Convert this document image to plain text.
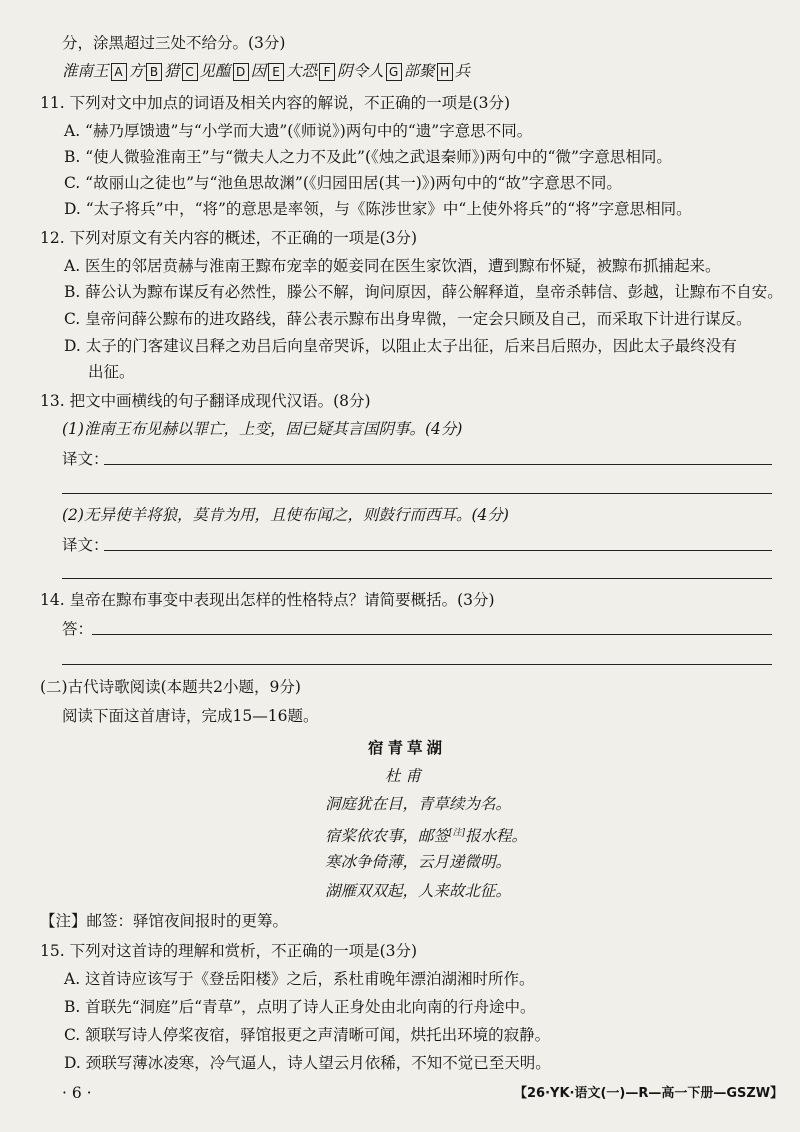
分，涂黑超过三处不给分。(3分)
淮南王 A 方 B 猎 C 见醢 D 因 E 大恐 F 阴令人 G 部聚 H 兵
11. 下列对文中加点的词语及相关内容的解说，不正确的一项是(3分)
A. “赫乃厚馈遗”与“小学而大遗”(《师说》)两句中的“遗”字意思不同。
B. “使人微验淮南王”与“微夫人之力不及此”(《烛之武退秦师》)两句中的“微”字意思相同。
C. “故丽山之徒也”与“池鱼思故渊”(《归园田居(其一)》)两句中的“故”字意思不同。
D. “太子将兵”中，“将”的意思是率领，与《陈涉世家》中“上使外将兵”的“将”字意思相同。
12. 下列对原文有关内容的概述，不正确的一项是(3分)
A. 医生的邻居贲赫与淮南王黥布宠幸的姬妾同在医生家饮酒，遭到黥布怀疑，被黥布抓捕起来。
B. 薛公认为黥布谋反有必然性，滕公不解，询问原因，薛公解释道，皇帝杀韩信、彭越，让黥布不自安。
C. 皇帝问薛公黥布的进攻路线，薛公表示黥布出身卑微，一定会只顾及自己，而采取下计进行谋反。
D. 太子的门客建议吕释之劝吕后向皇帝哭诉，以阻止太子出征，后来吕后照办，因此太子最终没有
出征。
13. 把文中画横线的句子翻译成现代汉语。(8分)
(1)淮南王布见赫以罪亡，上变，固已疑其言国阴事。(4分)
译文：
(2)无异使羊将狼，莫肯为用，且使布闻之，则鼓行而西耳。(4分)
译文：
14. 皇帝在黥布事变中表现出怎样的性格特点？请简要概括。(3分)
答：
(二)古代诗歌阅读(本题共2小题，9分)
阅读下面这首唐诗，完成15—16题。
宿青草湖
杜 甫
洞庭犹在目，青草续为名。
宿桨依农事，邮签[注]报水程。
寒冰争倚薄，云月递微明。
湖雁双双起，人来故北征。
【注】邮签：驿馆夜间报时的更筹。
15. 下列对这首诗的理解和赏析，不正确的一项是(3分)
A. 这首诗应该写于《登岳阳楼》之后，系杜甫晚年漂泊湖湘时所作。
B. 首联先“洞庭”后“青草”，点明了诗人正身处由北向南的行舟途中。
C. 颔联写诗人停桨夜宿，驿馆报更之声清晰可闻，烘托出环境的寂静。
D. 颈联写薄冰凌寒，冷气逼人，诗人望云月依稀，不知不觉已至天明。
· 6 ·	【26·YK·语文(一)—R—高一下册—GSZW】
